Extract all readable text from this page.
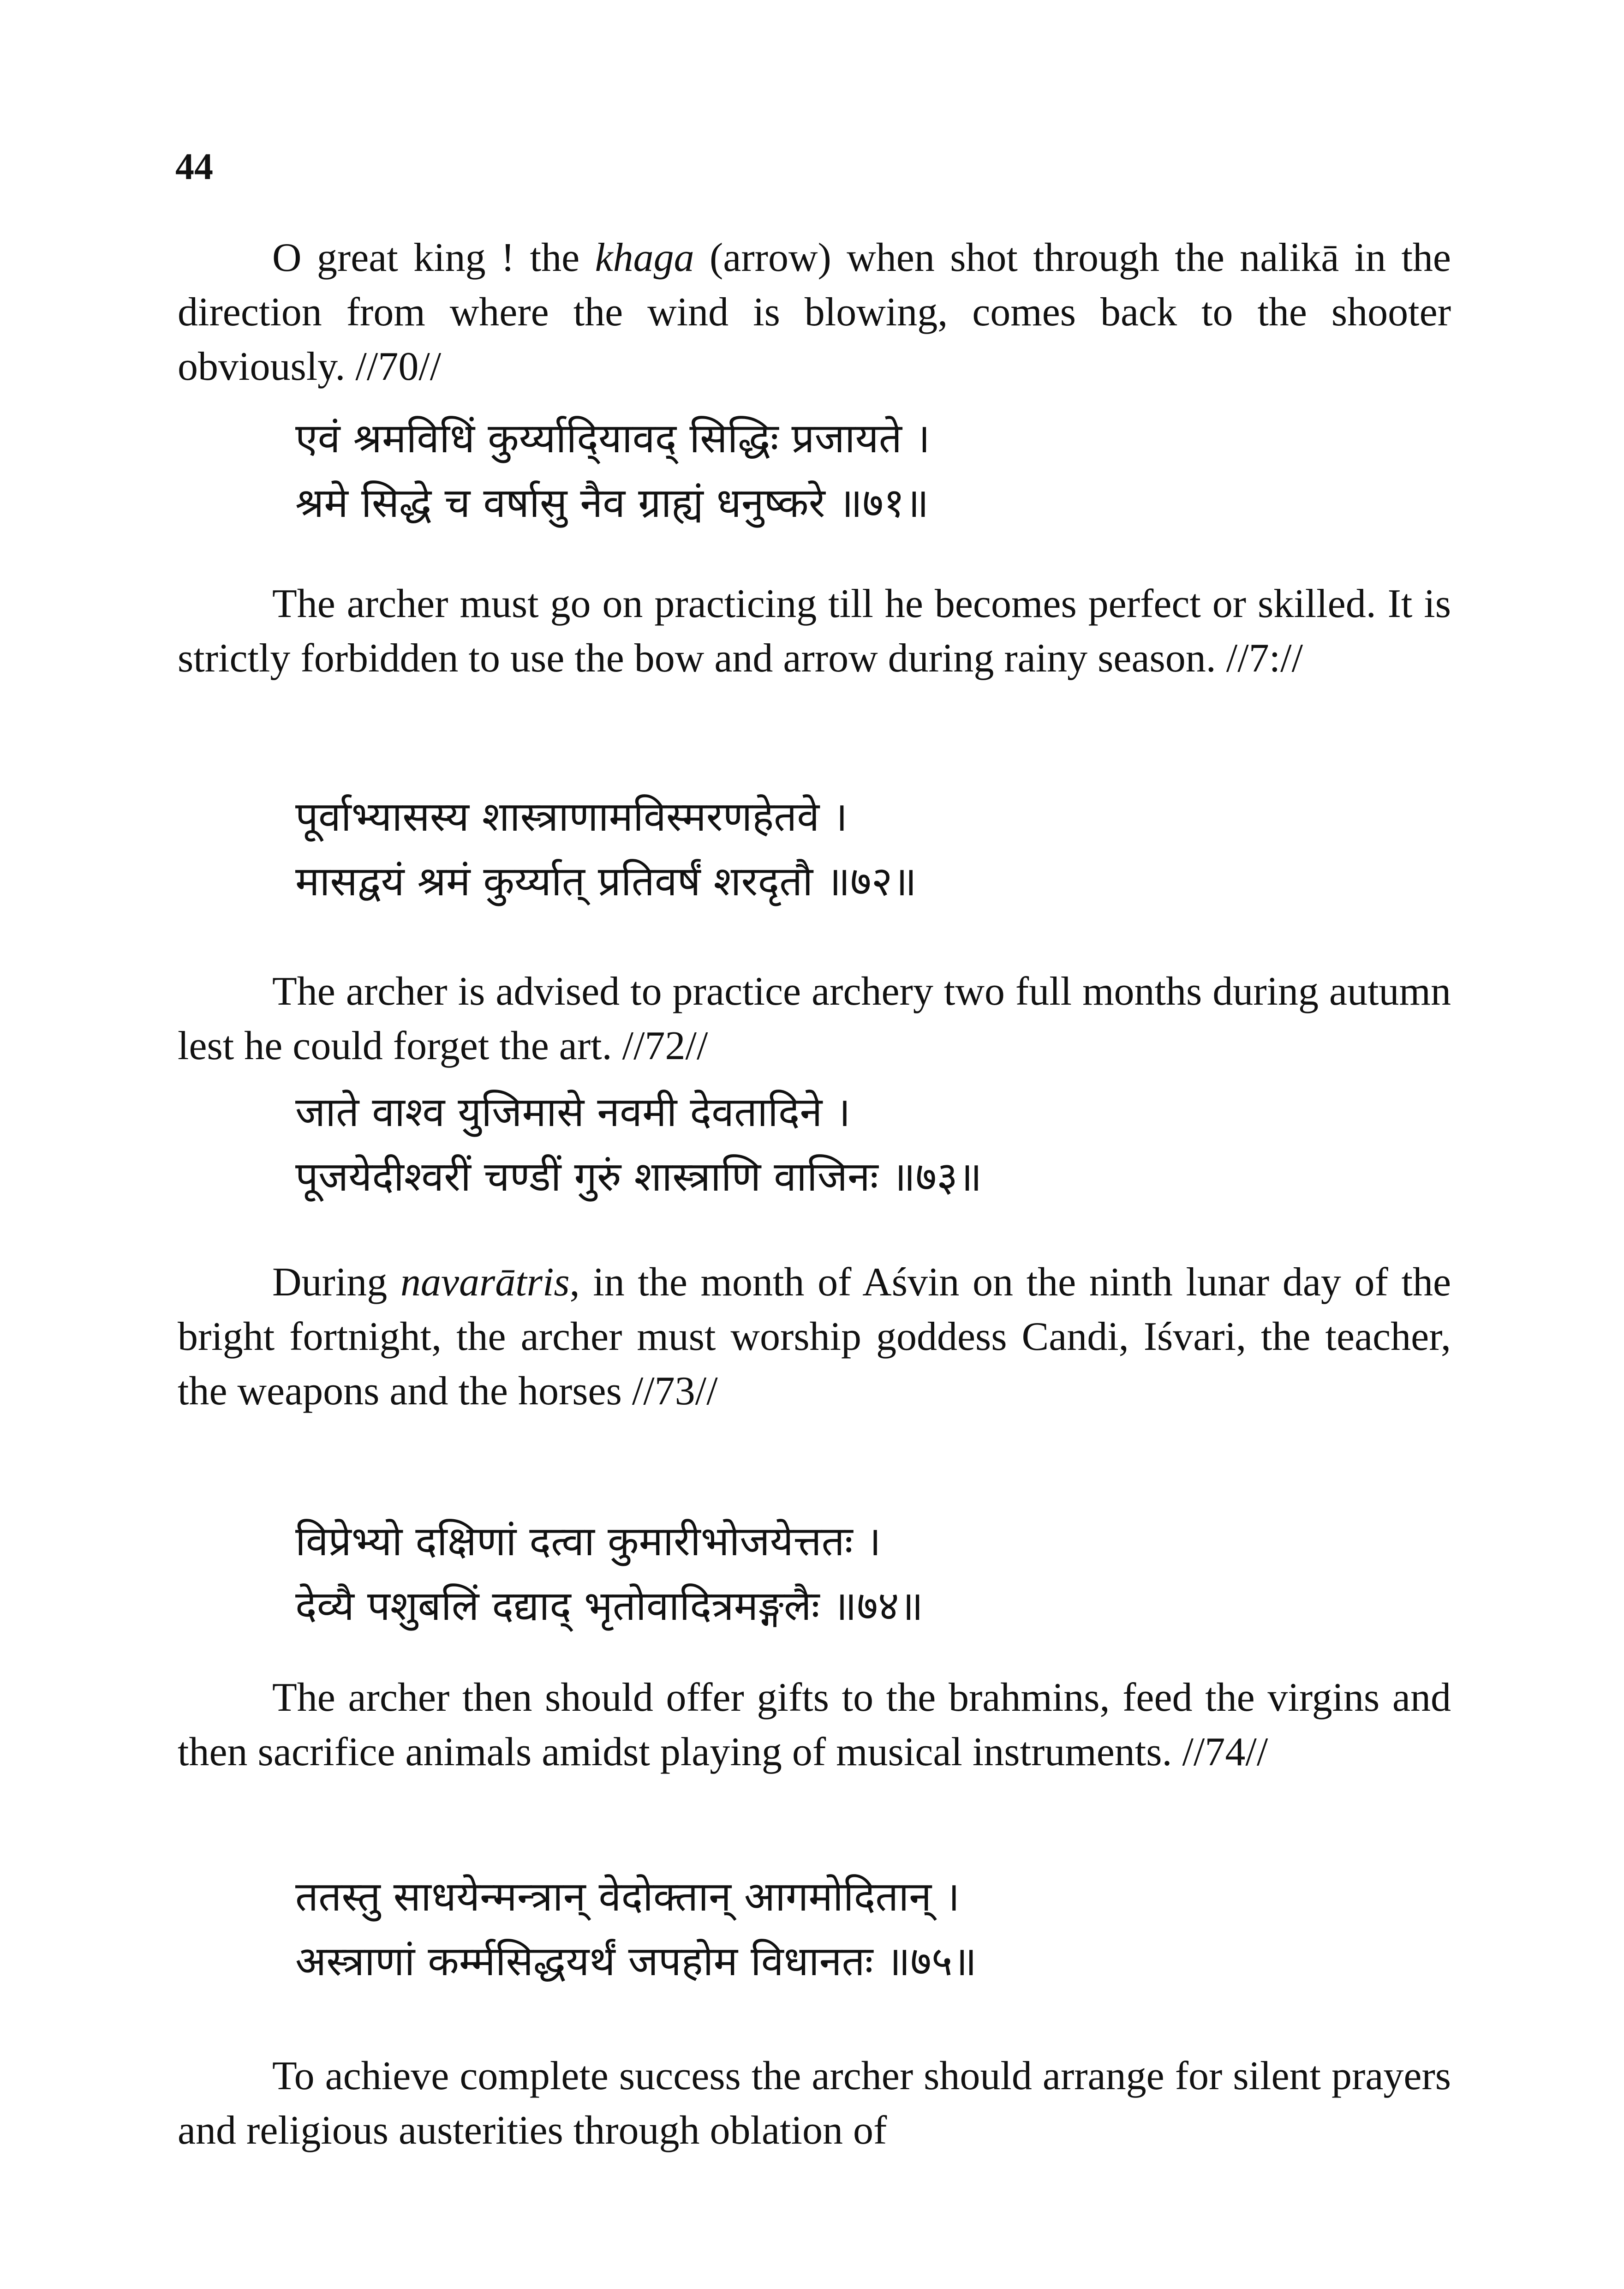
44

O great king ! the khaga (arrow) when shot through the nalikā in the direction from where the wind is blowing, comes back to the shooter obviously. //70//

एवं श्रमविधिं कुर्य्यादि्यावद् सिद्धिः प्रजायते ।
श्रमे सिद्धे च वर्षासु नैव ग्राह्यं धनुष्करे ॥७१॥

The archer must go on practicing till he becomes perfect or skilled. It is strictly forbidden to use the bow and arrow during rainy season. //7://

पूर्वाभ्यासस्य शास्त्राणामविस्मरणहेतवे ।
मासद्वयं श्रमं कुर्य्यात् प्रतिवर्षं शरदृतौ ॥७२॥

The archer is advised to practice archery two full months during autumn lest he could forget the art. //72//

जाते वाश्व युजिमासे नवमी देवतादिने ।
पूजयेदीश्वरीं चण्डीं गुरुं शास्त्राणि वाजिनः ॥७३॥

During navarātris, in the month of Aśvin on the ninth lunar day of the bright fortnight, the archer must worship goddess Candi, Iśvari, the teacher, the weapons and the horses //73//

विप्रेभ्यो दक्षिणां दत्वा कुमारीभोजयेत्ततः ।
देव्यै पशुबलिं दद्याद् भृतोवादित्रमङ्गलैः ॥७४॥

The archer then should offer gifts to the brahmins, feed the virgins and then sacrifice animals amidst playing of musical instruments. //74//

ततस्तु साधयेन्मन्त्रान् वेदोक्तान् आगमोदितान् ।
अस्त्राणां कर्म्मसिद्धयर्थं जपहोम विधानतः ॥७५॥

To achieve complete success the archer should arrange for silent prayers and religious austerities through oblation of
